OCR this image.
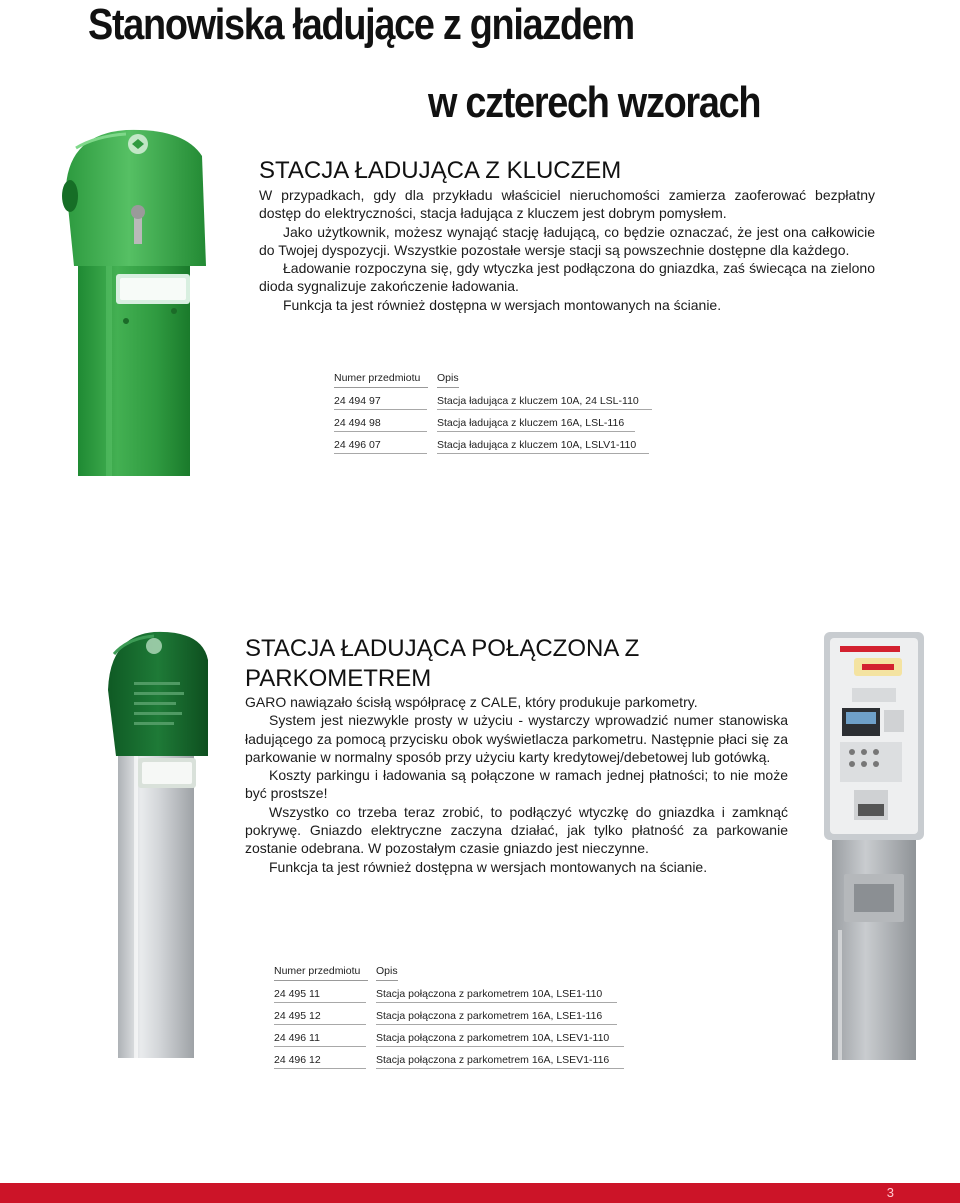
Stanowiska ładujące z gniazdem
w czterech wzorach
STACJA ŁADUJĄCA Z KLUCZEM

W przypadkach, gdy dla przykładu właściciel nieruchomości zamierza zaoferować bezpłatny dostęp do elektryczności, stacja ładująca z kluczem jest dobrym pomysłem.

Jako użytkownik, możesz wynająć stację ładującą, co będzie oznaczać, że jest ona całkowicie do Twojej dyspozycji. Wszystkie pozostałe wersje stacji są powszechnie dostępne dla każdego.

Ładowanie rozpoczyna się, gdy wtyczka jest podłączona do gniazdka, zaś świecąca na zielono dioda sygnalizuje zakończenie ładowania.

Funkcja ta jest również dostępna w wersjach montowanych na ścianie.

Numer przedmiotu	Opis
24 494 97	Stacja ładująca z kluczem 10A, 24 LSL-110
24 494 98	Stacja ładująca z kluczem 16A, LSL-116
24 496 07	Stacja ładująca z kluczem 10A, LSLV1-110
STACJA ŁADUJĄCA POŁĄCZONA Z
PARKOMETREM

GARO nawiązało ścisłą współpracę z CALE, który produkuje parkometry.

System jest niezwykle prosty w użyciu - wystarczy wprowadzić numer stanowiska ładującego za pomocą przycisku obok wyświetlacza parkometru. Następnie płaci się za parkowanie w normalny sposób przy użyciu karty kredytowej/debetowej lub gotówką.

Koszty parkingu i ładowania są połączone w ramach jednej płatności; to nie może być prostsze!

Wszystko co trzeba teraz zrobić, to podłączyć wtyczkę do gniazdka i zamknąć pokrywę. Gniazdo elektryczne zaczyna działać, jak tylko płatność za parkowanie zostanie odebrana. W pozostałym czasie gniazdo jest nieczynne.

Funkcja ta jest również dostępna w wersjach montowanych na ścianie.

Numer przedmiotu	Opis
24 495 11	Stacja połączona z parkometrem 10A, LSE1-110
24 495 12	Stacja połączona z parkometrem 16A, LSE1-116
24 496 11	Stacja połączona z parkometrem 10A, LSEV1-110
24 496 12	Stacja połączona z parkometrem 16A, LSEV1-116
3
